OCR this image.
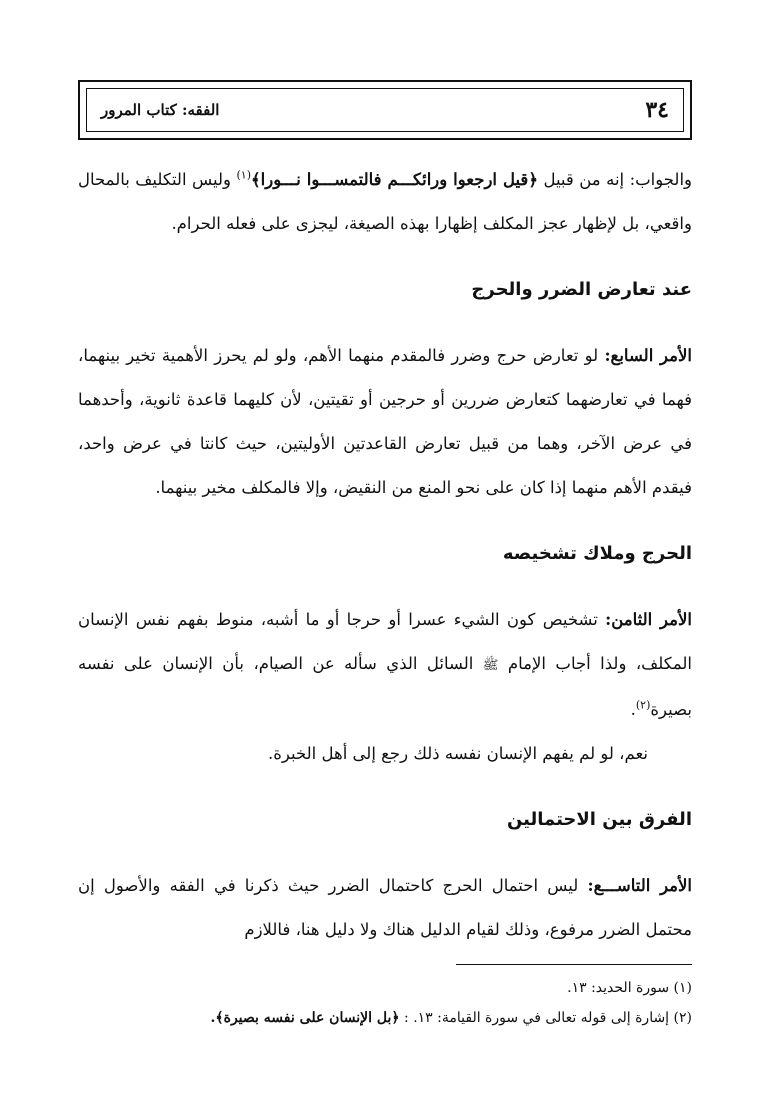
٣٤
الفقه: كتاب المرور

والجواب: إنه من قبيل ﴿قيل ارجعوا ورائكـــم فالتمســـوا نـــورا﴾$^{(١)}$ وليس التكليف بالمحال واقعي، بل لإظهار عجز المكلف إظهارا بهذه الصيغة، ليجزى على فعله الحرام.

عند تعارض الضرر والحرج

الأمر السابع: لو تعارض حرج وضرر فالمقدم منهما الأهم، ولو لم يحرز الأهمية تخير بينهما، فهما في تعارضهما كتعارض ضررين أو حرجين أو تقيتين، لأن كليهما قاعدة ثانوية، وأحدهما في عرض الآخر، وهما من قبيل تعارض القاعدتين الأوليتين، حيث كانتا في عرض واحد، فيقدم الأهم منهما إذا كان على نحو المنع من النقيض، وإلا فالمكلف مخير بينهما.

الحرج وملاك تشخيصه

الأمر الثامن: تشخيص كون الشيء عسرا أو حرجا أو ما أشبه، منوط بفهم نفس الإنسان المكلف، ولذا أجاب الإمام ﷺ السائل الذي سأله عن الصيام، بأن الإنسان على نفسه بصيرة$^{(٢)}$.

نعم، لو لم يفهم الإنسان نفسه ذلك رجع إلى أهل الخبرة.

الفرق بين الاحتمالين

الأمر التاســـع: ليس احتمال الحرج كاحتمال الضرر حيث ذكرنا في الفقه والأصول إن محتمل الضرر مرفوع، وذلك لقيام الدليل هناك ولا دليل هنا، فاللازم

(١) سورة الحديد: ١٣.

(٢) إشارة إلى قوله تعالى في سورة القيامة: ١٣. : ﴿بل الإنسان على نفسه بصيرة﴾.
